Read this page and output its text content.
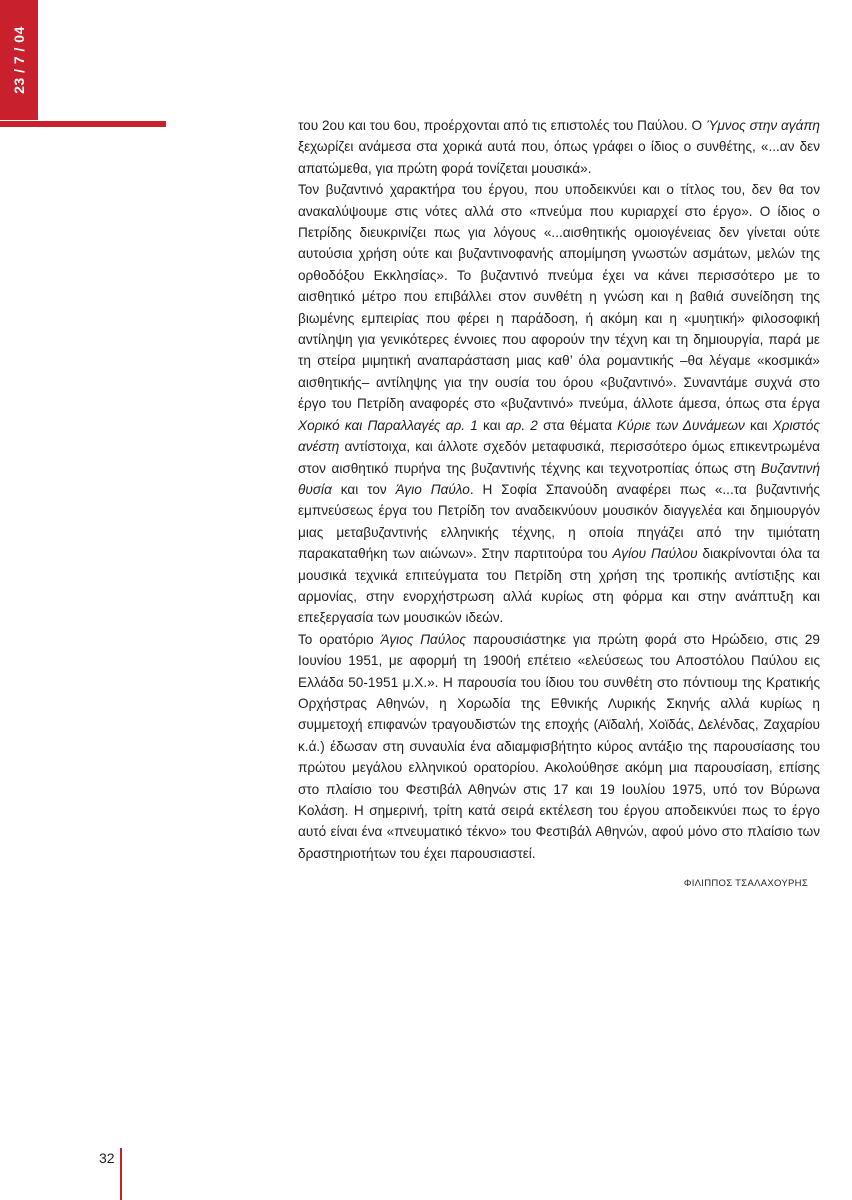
23 / 7 / 04

του 2ου και του 6ου, προέρχονται από τις επιστολές του Παύλου. Ο Ύμνος στην αγάπη ξεχωρίζει ανάμεσα στα χορικά αυτά που, όπως γράφει ο ίδιος ο συνθέτης, «...αν δεν απατώμεθα, για πρώτη φορά τονίζεται μουσικά».

Τον βυζαντινό χαρακτήρα του έργου, που υποδεικνύει και ο τίτλος του, δεν θα τον ανακαλύψουμε στις νότες αλλά στο «πνεύμα που κυριαρχεί στο έργο». Ο ίδιος ο Πετρίδης διευκρινίζει πως για λόγους «...αισθητικής ομοιογένειας δεν γίνεται ούτε αυτούσια χρήση ούτε και βυζαντινοφανής απομίμηση γνωστών ασμάτων, μελών της ορθοδόξου Εκκλησίας». Το βυζαντινό πνεύμα έχει να κάνει περισσότερο με το αισθητικό μέτρο που επιβάλλει στον συνθέτη η γνώση και η βαθιά συνείδηση της βιωμένης εμπειρίας που φέρει η παράδοση, ή ακόμη και η «μυητική» φιλοσοφική αντίληψη για γενικότερες έννοιες που αφορούν την τέχνη και τη δημιουργία, παρά με τη στείρα μιμητική αναπαράσταση μιας καθ’ όλα ρομαντικής –θα λέγαμε «κοσμικά» αισθητικής– αντίληψης για την ουσία του όρου «βυζαντινό». Συναντάμε συχνά στο έργο του Πετρίδη αναφορές στο «βυζαντινό» πνεύμα, άλλοτε άμεσα, όπως στα έργα Χορικό και Παραλλαγές αρ. 1 και αρ. 2 στα θέματα Κύριε των Δυνάμεων και Χριστός ανέστη αντίστοιχα, και άλλοτε σχεδόν μεταφυσικά, περισσότερο όμως επικεντρωμένα στον αισθητικό πυρήνα της βυζαντινής τέχνης και τεχνοτροπίας όπως στη Βυζαντινή θυσία και τον Άγιο Παύλο. Η Σοφία Σπανούδη αναφέρει πως «...τα βυζαντινής εμπνεύσεως έργα του Πετρίδη τον αναδεικνύουν μουσικόν διαγγελέα και δημιουργόν μιας μεταβυζαντινής ελληνικής τέχνης, η οποία πηγάζει από την τιμιότατη παρακαταθήκη των αιώνων». Στην παρτιτούρα του Αγίου Παύλου διακρίνονται όλα τα μουσικά τεχνικά επιτεύγματα του Πετρίδη στη χρήση της τροπικής αντίστιξης και αρμονίας, στην ενορχήστρωση αλλά κυρίως στη φόρμα και στην ανάπτυξη και επεξεργασία των μουσικών ιδεών.

Το ορατόριο Άγιος Παύλος παρουσιάστηκε για πρώτη φορά στο Ηρώδειο, στις 29 Ιουνίου 1951, με αφορμή τη 1900ή επέτειο «ελεύσεως του Αποστόλου Παύλου εις Ελλάδα 50-1951 μ.Χ.». Η παρουσία του ίδιου του συνθέτη στο πόντιουμ της Κρατικής Ορχήστρας Αθηνών, η Χορωδία της Εθνικής Λυρικής Σκηνής αλλά κυρίως η συμμετοχή επιφανών τραγουδιστών της εποχής (Αϊδαλή, Χοϊδάς, Δελένδας, Ζαχαρίου κ.ά.) έδωσαν στη συναυλία ένα αδιαμφισβήτητο κύρος αντάξιο της παρουσίασης του πρώτου μεγάλου ελληνικού ορατορίου. Ακολούθησε ακόμη μια παρουσίαση, επίσης στο πλαίσιο του Φεστιβάλ Αθηνών στις 17 και 19 Ιουλίου 1975, υπό τον Βύρωνα Κολάση. Η σημερινή, τρίτη κατά σειρά εκτέλεση του έργου αποδεικνύει πως το έργο αυτό είναι ένα «πνευματικό τέκνο» του Φεστιβάλ Αθηνών, αφού μόνο στο πλαίσιο των δραστηριοτήτων του έχει παρουσιαστεί.

ΦΙΛΙΠΠΟΣ ΤΣΑΛΑΧΟΥΡΗΣ
32
